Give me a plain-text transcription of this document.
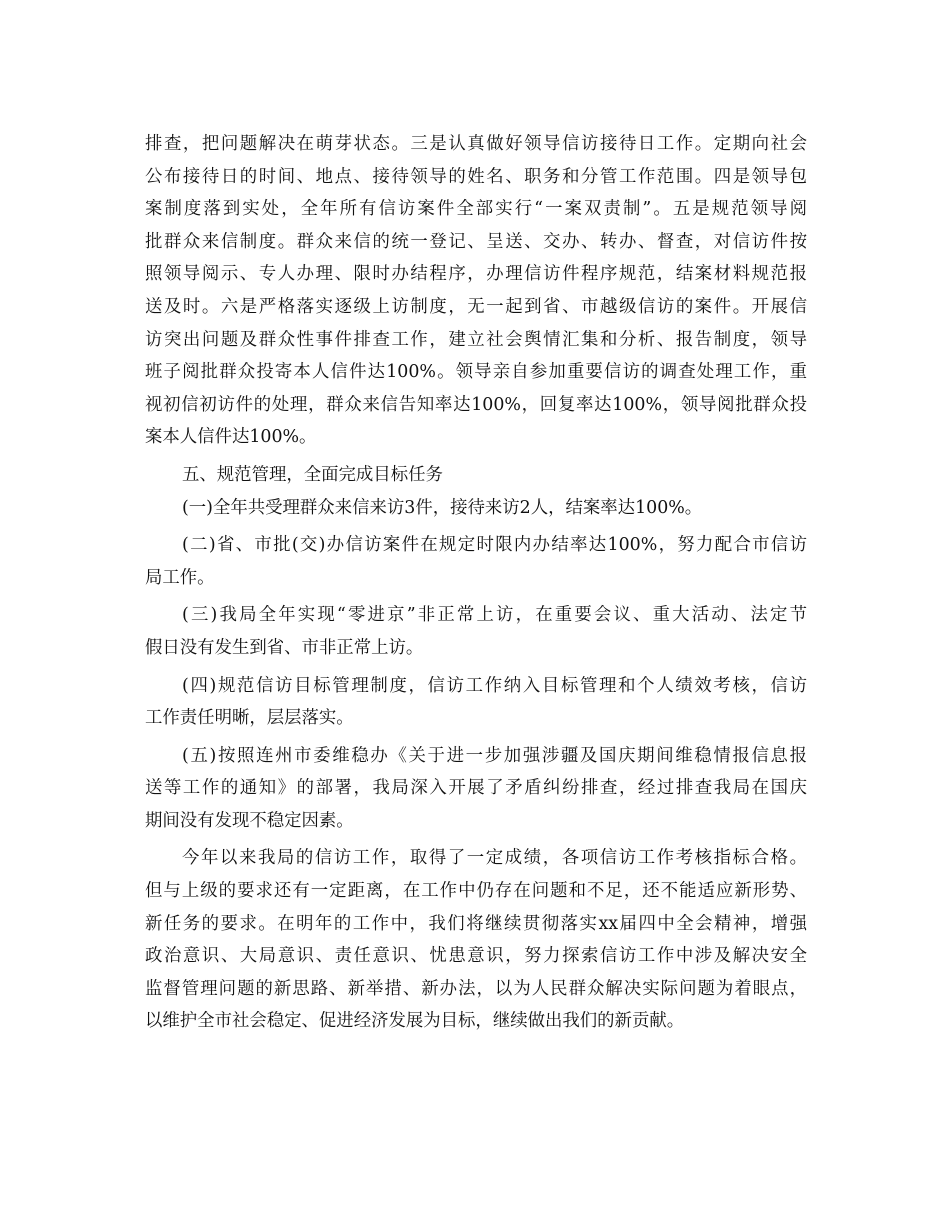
排查，把问题解决在萌芽状态。三是认真做好领导信访接待日工作。定期向社会
公布接待日的时间、地点、接待领导的姓名、职务和分管工作范围。四是领导包
案制度落到实处，全年所有信访案件全部实行“一案双责制”。五是规范领导阅
批群众来信制度。群众来信的统一登记、呈送、交办、转办、督查，对信访件按
照领导阅示、专人办理、限时办结程序，办理信访件程序规范，结案材料规范报
送及时。六是严格落实逐级上访制度，无一起到省、市越级信访的案件。开展信
访突出问题及群众性事件排查工作，建立社会舆情汇集和分析、报告制度，领导
班子阅批群众投寄本人信件达100%。领导亲自参加重要信访的调查处理工作，重
视初信初访件的处理，群众来信告知率达100%，回复率达100%，领导阅批群众投
案本人信件达100%。
五、规范管理，全面完成目标任务
(一)全年共受理群众来信来访3件，接待来访2人，结案率达100%。
(二)省、市批(交)办信访案件在规定时限内办结率达100%，努力配合市信访
局工作。
(三)我局全年实现“零进京”非正常上访，在重要会议、重大活动、法定节
假日没有发生到省、市非正常上访。
(四)规范信访目标管理制度，信访工作纳入目标管理和个人绩效考核，信访
工作责任明晰，层层落实。
(五)按照连州市委维稳办《关于进一步加强涉疆及国庆期间维稳情报信息报
送等工作的通知》的部署，我局深入开展了矛盾纠纷排查，经过排查我局在国庆
期间没有发现不稳定因素。
今年以来我局的信访工作，取得了一定成绩，各项信访工作考核指标合格。
但与上级的要求还有一定距离，在工作中仍存在问题和不足，还不能适应新形势、
新任务的要求。在明年的工作中，我们将继续贯彻落实xx届四中全会精神，增强
政治意识、大局意识、责任意识、忧患意识，努力探索信访工作中涉及解决安全
监督管理问题的新思路、新举措、新办法，以为人民群众解决实际问题为着眼点，
以维护全市社会稳定、促进经济发展为目标，继续做出我们的新贡献。
